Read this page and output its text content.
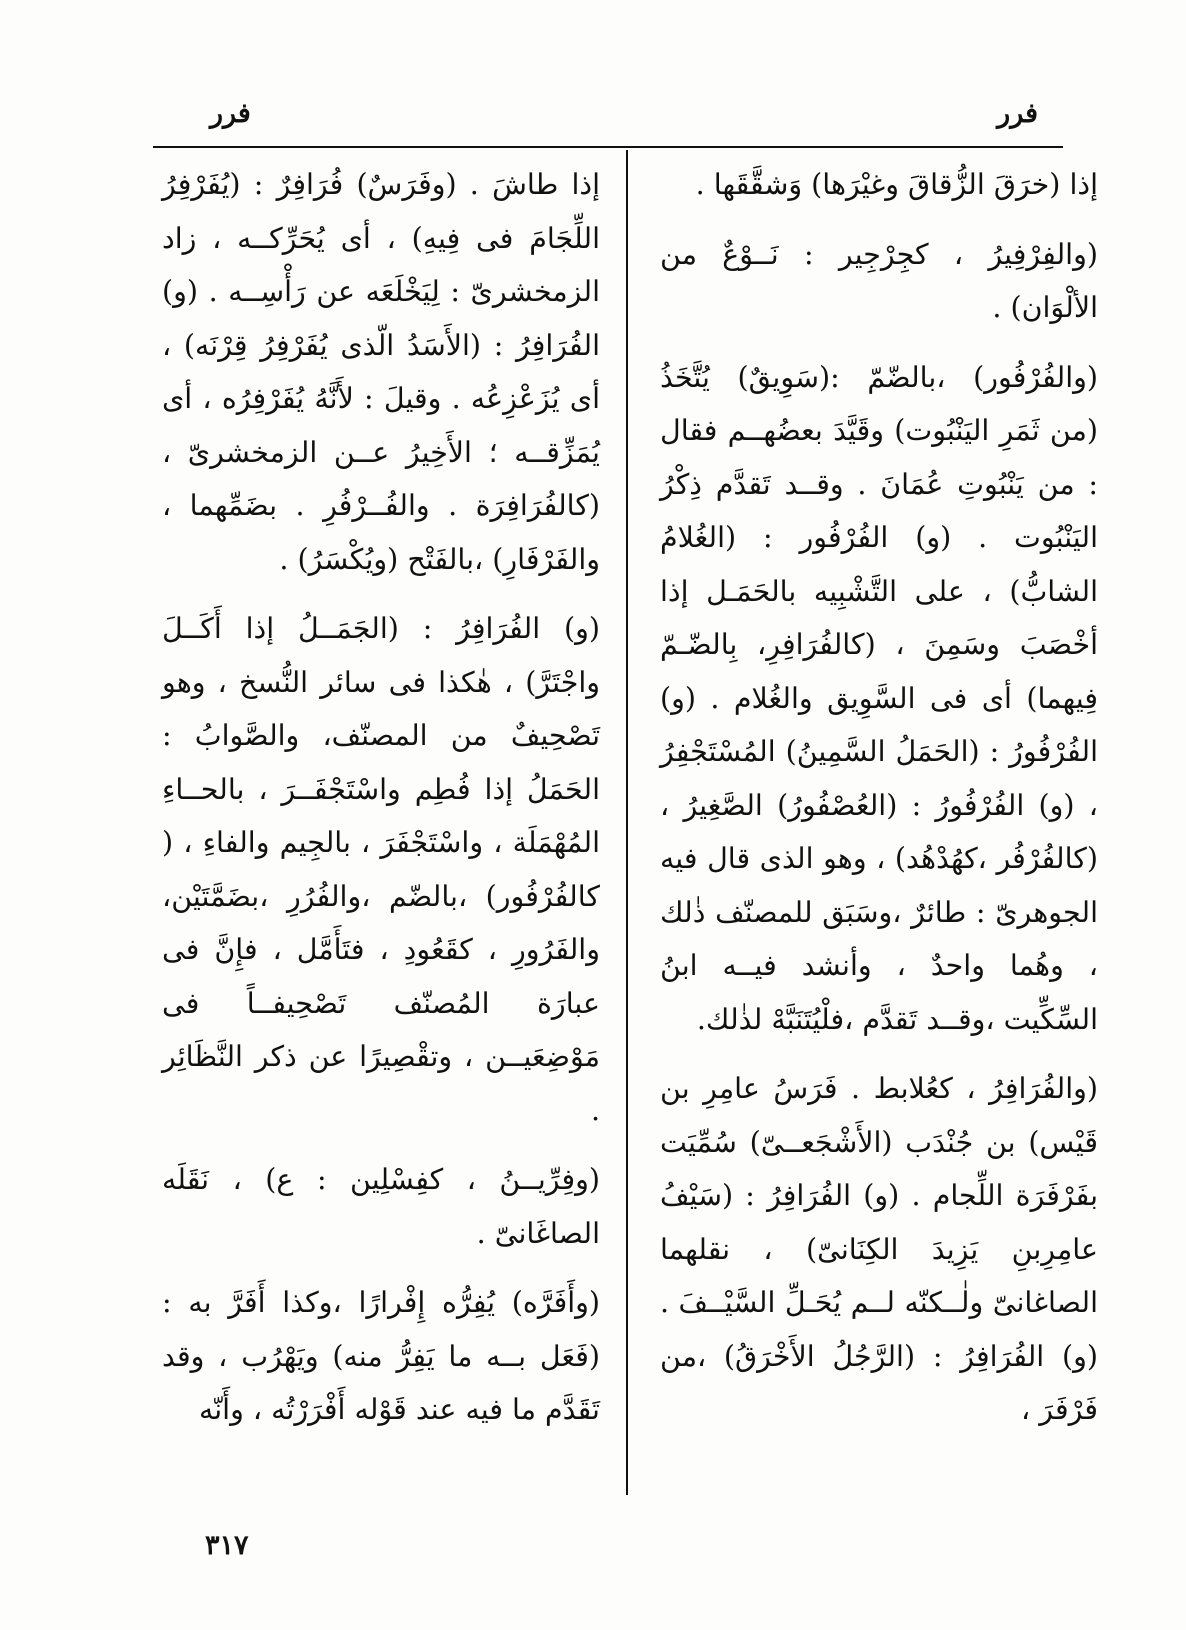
فرر
فرر

إذا (خرَقَ الزُّقاقَ وغيْرَها) وَشقَّقَها .

(والفِرْفِيرُ ، كجِرْجِير : نَــوْعٌ من الألْوَان) .

(والفُرْفُور) ،بالضّمّ :(سَوِيقٌ) يُتَّخَذُ (من ثَمَرِ اليَنْبُوت) وقَيَّدَ بعضُهــم فقال : من يَنْبُوتِ عُمَانَ . وقــد تَقدَّم ذِكْرُ اليَنْبُوت . (و) الفُرْفُور : (الغُلامُ الشابُّ) ، على التَّشْبِيه بالحَمَـل إذا أخْصَبَ وسَمِنَ ، (كالفُرَافِرِ، بِالضّـمّ فِيهما) أى فى السَّوِيق والغُلام . (و) الفُرْفُورُ : (الحَمَلُ السَّمِينُ) المُسْتَجْفِرُ ، (و) الفُرْفُورُ : (العُصْفُورُ) الصَّغِيرُ ، (كالفُرْفُر ،كهُدْهُد) ، وهو الذى قال فيه الجوهرىّ : طائرٌ ،وسَبَق للمصنّف ذٰلك ، وهُما واحدٌ ، وأنشد فيــه ابنُ السِّكِّيت ،وقــد تَقدَّم ،فلْيُتَنَبَّهْ لذٰلك.

(والفُرَافِرُ ، كعُلابط . فَرَسُ عامِرِ بن قَيْس) بن جُنْدَب (الأَشْجَعــىّ) سُمِّيَت بفَرْفَرَة اللِّجام . (و) الفُرَافِرُ : (سَيْفُ عامِرِبنِ يَزِيدَ الكِنَانىّ) ، نقلهما الصاغانىّ ولٰــكنّه لــم يُحَـلِّ السَّيْــفَ . (و) الفُرَافِرُ : (الرَّجُلُ الأَخْرَقُ) ،من فَرْفَرَ ،

إذا طاشَ . (وفَرَسٌ) فُرَافِرٌ : (يُفَرْفِرُ اللِّجَامَ فى فِيهِ) ، أى يُحَرِّكــه ، زاد الزمخشرىّ : لِيَخْلَعَه عن رَأْسِــه . (و) الفُرَافِرُ : (الأَسَدُ الّذى يُفَرْفِرُ قِرْنَه) ، أى يُزَعْزِعُه . وقيلَ : لأَنَّهُ يُفَرْفِرُه ، أى يُمَزِّقــه ؛ الأَخِيرُ عــن الزمخشرىّ ، (كالفُرَافِرَة . والفُــرْفُرِ . بضَمِّهما ، والفَرْفَارِ) ،بالفَتْح (ويُكْسَرُ) .

(و) الفُرَافِرُ : (الجَمَــلُ إذا أَكَــلَ واجْتَرَّ) ، هٰكذا فى سائر النُّسخ ، وهو تَصْحِيفٌ من المصنّف، والصَّوابُ : الحَمَلُ إذا فُطِم واسْتَجْفَــرَ ، بالحــاءِ المُهْمَلَة ، واسْتَجْفَرَ ، بالجِيم والفاءِ ، ( كالفُرْفُور) ،بالضّم ،والفُرُرِ ،بضَمَّتَيْن، والفَرُورِ ، كقَعُودِ ، فتَأَمَّل ، فإِنَّ فى عبارَة المُصنّف تَصْحِيفــاً فى مَوْضِعَيــن ، وتقْصِيرًا عن ذكر النَّظَائِر .

(وفِرِّيــنُ ، كفِسْلِين : ع) ، نَقَلَه الصاغَانىّ .

(وأَفَرَّه) يُفِرُّه إِفْرارًا ،وكذا أَفَرَّ به : (فَعَل بــه ما يَفِرُّ منه) ويَهْرُب ، وقد تَقَدَّم ما فيه عند قَوْله أَفْرَرْتُه ، وأَنّه

٣١٧
